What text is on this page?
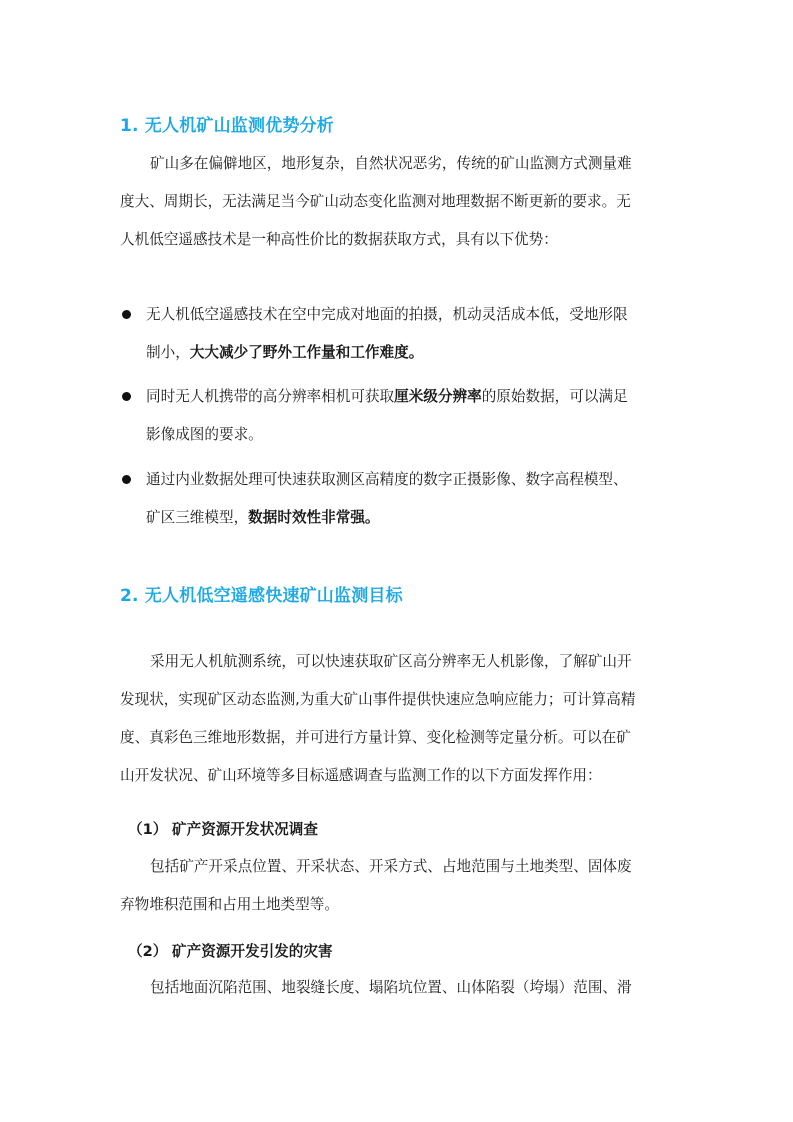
1. 无人机矿山监测优势分析
矿山多在偏僻地区，地形复杂，自然状况恶劣，传统的矿山监测方式测量难
度大、周期长，无法满足当今矿山动态变化监测对地理数据不断更新的要求。无
人机低空遥感技术是一种高性价比的数据获取方式，具有以下优势：
无人机低空遥感技术在空中完成对地面的拍摄，机动灵活成本低，受地形限
制小，大大减少了野外工作量和工作难度。
同时无人机携带的高分辨率相机可获取厘米级分辨率的原始数据，可以满足
影像成图的要求。
通过内业数据处理可快速获取测区高精度的数字正摄影像、数字高程模型、
矿区三维模型，数据时效性非常强。
2. 无人机低空遥感快速矿山监测目标
采用无人机航测系统，可以快速获取矿区高分辨率无人机影像，了解矿山开
发现状，实现矿区动态监测,为重大矿山事件提供快速应急响应能力；可计算高精
度、真彩色三维地形数据，并可进行方量计算、变化检测等定量分析。可以在矿
山开发状况、矿山环境等多目标遥感调查与监测工作的以下方面发挥作用：
（1） 矿产资源开发状况调查
包括矿产开采点位置、开采状态、开采方式、占地范围与土地类型、固体废
弃物堆积范围和占用土地类型等。
（2） 矿产资源开发引发的灾害
包括地面沉陷范围、地裂缝长度、塌陷坑位置、山体陷裂（垮塌）范围、滑
